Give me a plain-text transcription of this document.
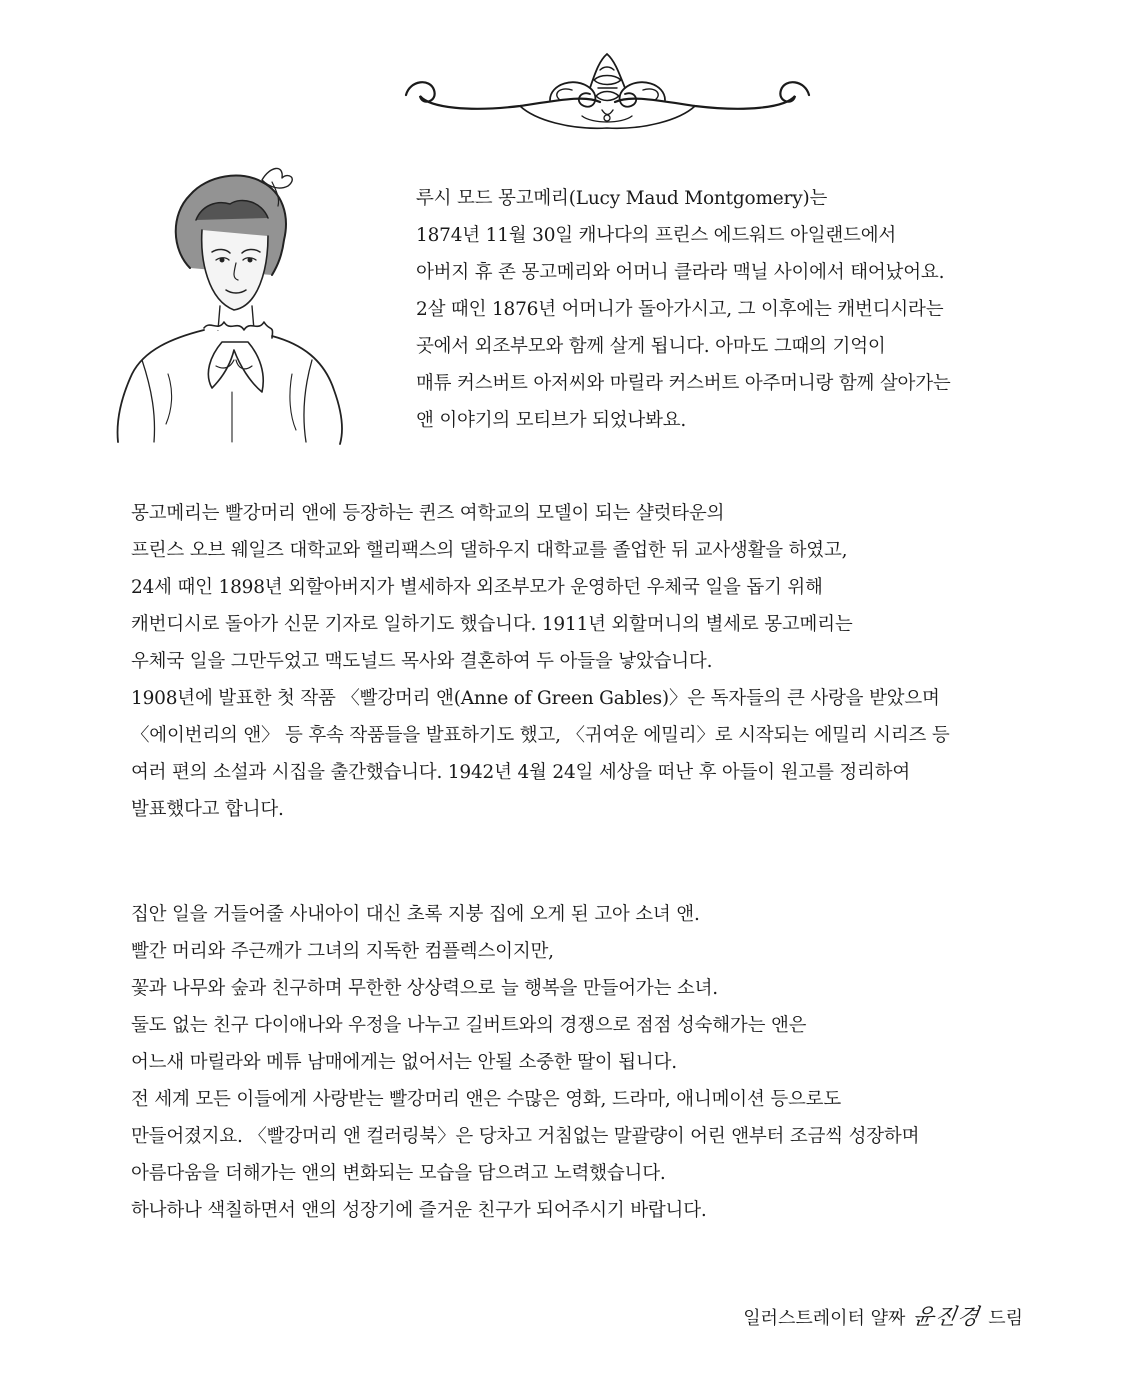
루시 모드 몽고메리(Lucy Maud Montgomery)는
1874년 11월 30일 캐나다의 프린스 에드워드 아일랜드에서
아버지 휴 존 몽고메리와 어머니 클라라 맥닐 사이에서 태어났어요.
2살 때인 1876년 어머니가 돌아가시고, 그 이후에는 캐번디시라는
곳에서 외조부모와 함께 살게 됩니다. 아마도 그때의 기억이
매튜 커스버트 아저씨와 마릴라 커스버트 아주머니랑 함께 살아가는
앤 이야기의 모티브가 되었나봐요.
몽고메리는 빨강머리 앤에 등장하는 퀸즈 여학교의 모델이 되는 샬럿타운의
프린스 오브 웨일즈 대학교와 핼리팩스의 댈하우지 대학교를 졸업한 뒤 교사생활을 하였고,
24세 때인 1898년 외할아버지가 별세하자 외조부모가 운영하던 우체국 일을 돕기 위해
캐번디시로 돌아가 신문 기자로 일하기도 했습니다. 1911년 외할머니의 별세로 몽고메리는
우체국 일을 그만두었고 맥도널드 목사와 결혼하여 두 아들을 낳았습니다.
1908년에 발표한 첫 작품 〈빨강머리 앤(Anne of Green Gables)〉은 독자들의 큰 사랑을 받았으며
〈에이번리의 앤〉 등 후속 작품들을 발표하기도 했고, 〈귀여운 에밀리〉로 시작되는 에밀리 시리즈 등
여러 편의 소설과 시집을 출간했습니다. 1942년 4월 24일 세상을 떠난 후 아들이 원고를 정리하여
발표했다고 합니다.
집안 일을 거들어줄 사내아이 대신 초록 지붕 집에 오게 된 고아 소녀 앤.
빨간 머리와 주근깨가 그녀의 지독한 컴플렉스이지만,
꽃과 나무와 숲과 친구하며 무한한 상상력으로 늘 행복을 만들어가는 소녀.
둘도 없는 친구 다이애나와 우정을 나누고 길버트와의 경쟁으로 점점 성숙해가는 앤은
어느새 마릴라와 메튜 남매에게는 없어서는 안될 소중한 딸이 됩니다.
전 세계 모든 이들에게 사랑받는 빨강머리 앤은 수많은 영화, 드라마, 애니메이션 등으로도
만들어졌지요. 〈빨강머리 앤 컬러링북〉은 당차고 거침없는 말괄량이 어린 앤부터 조금씩 성장하며
아름다움을 더해가는 앤의 변화되는 모습을 담으려고 노력했습니다.
하나하나 색칠하면서 앤의 성장기에 즐거운 친구가 되어주시기 바랍니다.
일러스트레이터 얄짜 윤진경 드림
